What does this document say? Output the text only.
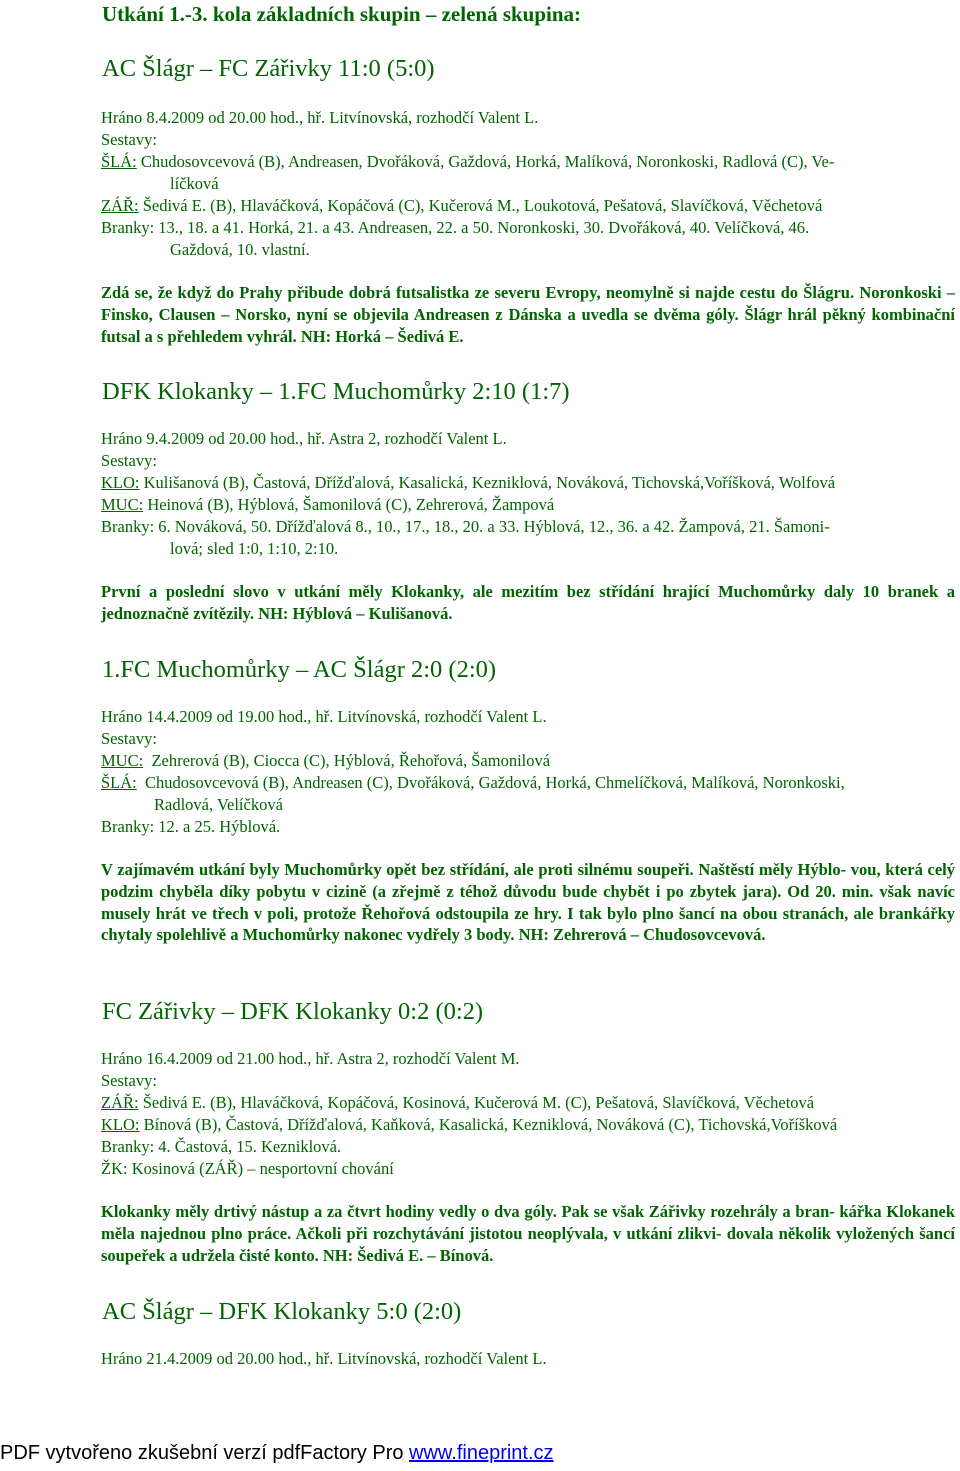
Utkání 1.-3. kola základních skupin – zelená skupina:
AC Šlágr – FC Zářivky 11:0 (5:0)
Hráno 8.4.2009 od 20.00 hod., hř. Litvínovská, rozhodčí Valent L.
Sestavy:
ŠLÁ: Chudosovcevová (B), Andreasen, Dvořáková, Gaždová, Horká, Malíková, Noronkoski, Radlová (C), Ve-
líčková
ZÁŘ: Šedivá E. (B), Hlaváčková, Kopáčová (C), Kučerová M., Loukotová, Pešatová, Slavíčková, Věchetová
Branky: 13., 18. a 41. Horká, 21. a 43. Andreasen, 22. a 50. Noronkoski, 30. Dvořáková, 40. Velíčková, 46.
Gaždová, 10. vlastní.
Zdá se, že když do Prahy přibude dobrá futsalistka ze severu Evropy, neomylně si najde cestu do Šlágru. Noronkoski – Finsko, Clausen – Norsko, nyní se objevila Andreasen z Dánska a uvedla se dvěma góly. Šlágr hrál pěkný kombinační futsal a s přehledem vyhrál. NH: Horká – Šedivá E.
DFK Klokanky – 1.FC Muchomůrky 2:10 (1:7)
Hráno 9.4.2009 od 20.00 hod., hř. Astra 2, rozhodčí Valent L.
Sestavy:
KLO: Kulišanová (B), Častová, Dřížďalová, Kasalická, Kezniklová, Nováková, Tichovská,Voříšková, Wolfová
MUC: Heinová (B), Hýblová, Šamonilová (C), Zehrerová, Žampová
Branky: 6. Nováková, 50. Dřížďalová 8., 10., 17., 18., 20. a 33. Hýblová, 12., 36. a 42. Žampová, 21. Šamoni-
lová; sled 1:0, 1:10, 2:10.
První a poslední slovo v utkání měly Klokanky, ale mezitím bez střídání hrající Muchomůrky daly 10 branek a jednoznačně zvítězily. NH: Hýblová – Kulišanová.
1.FC Muchomůrky – AC Šlágr 2:0 (2:0)
Hráno 14.4.2009 od 19.00 hod., hř. Litvínovská, rozhodčí Valent L.
Sestavy:
MUC: Zehrerová (B), Ciocca (C), Hýblová, Řehořová, Šamonilová
ŠLÁ: Chudosovcevová (B), Andreasen (C), Dvořáková, Gaždová, Horká, Chmelíčková, Malíková, Noronkoski,
Radlová, Velíčková
Branky: 12. a 25. Hýblová.
V zajímavém utkání byly Muchomůrky opět bez střídání, ale proti silnému soupeři. Naštěstí měly Hýblo- vou, která celý podzim chyběla díky pobytu v cizině (a zřejmě z téhož důvodu bude chybět i po zbytek jara). Od 20. min. však navíc musely hrát ve třech v poli, protože Řehořová odstoupila ze hry. I tak bylo plno šancí na obou stranách, ale brankářky chytaly spolehlivě a Muchomůrky nakonec vydřely 3 body. NH: Zehrerová – Chudosovcevová.
FC Zářivky – DFK Klokanky 0:2 (0:2)
Hráno 16.4.2009 od 21.00 hod., hř. Astra 2, rozhodčí Valent M.
Sestavy:
ZÁŘ: Šedivá E. (B), Hlaváčková, Kopáčová, Kosinová, Kučerová M. (C), Pešatová, Slavíčková, Věchetová
KLO: Bínová (B), Častová, Dřížďalová, Kaňková, Kasalická, Kezniklová, Nováková (C), Tichovská,Voříšková
Branky: 4. Častová, 15. Kezniklová.
ŽK: Kosinová (ZÁŘ) – nesportovní chování
Klokanky měly drtivý nástup a za čtvrt hodiny vedly o dva góly. Pak se však Zářivky rozehrály a bran- kářka Klokanek měla najednou plno práce. Ačkoli při rozchytávání jistotou neoplývala, v utkání zlikvi- dovala několik vyložených šancí soupeřek a udržela čisté konto. NH: Šedivá E. – Bínová.
AC Šlágr – DFK Klokanky 5:0 (2:0)
Hráno 21.4.2009 od 20.00 hod., hř. Litvínovská, rozhodčí Valent L.
PDF vytvořeno zkušební verzí pdfFactory Pro www.fineprint.cz
